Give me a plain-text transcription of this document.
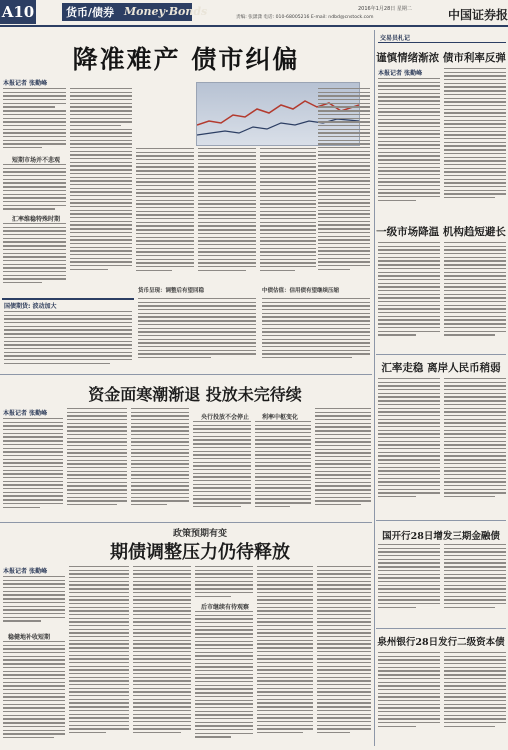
A10	货币/债券 Money·Bonds	2016年1月28日 星期二
责编: 张潇潇 电话: 010-68005216 E-mail: ndbd@cnstock.com	中国证券报
降准难产 债市纠偏
本报记者 张勤峰
短期市场并不悲观
汇率维稳特殊时期
货币呈现：调整后有望回稳	中债估值：信用债有望继续压缩
国债期货: 波动加大
资金面寒潮渐退 投放未完待续
本报记者 张勤峰
央行投放不会停止 利率中枢变化
政策预期有变
期债调整压力仍待释放
本报记者 张勤峰
稳健地补收短期
后市继续有待观察
交易员札记
谨慎情绪渐浓 债市利率反弹
本报记者 张勤峰
一级市场降温 机构趋短避长
汇率走稳 离岸人民币稍弱
国开行28日增发三期金融债
泉州银行28日发行二级资本债
